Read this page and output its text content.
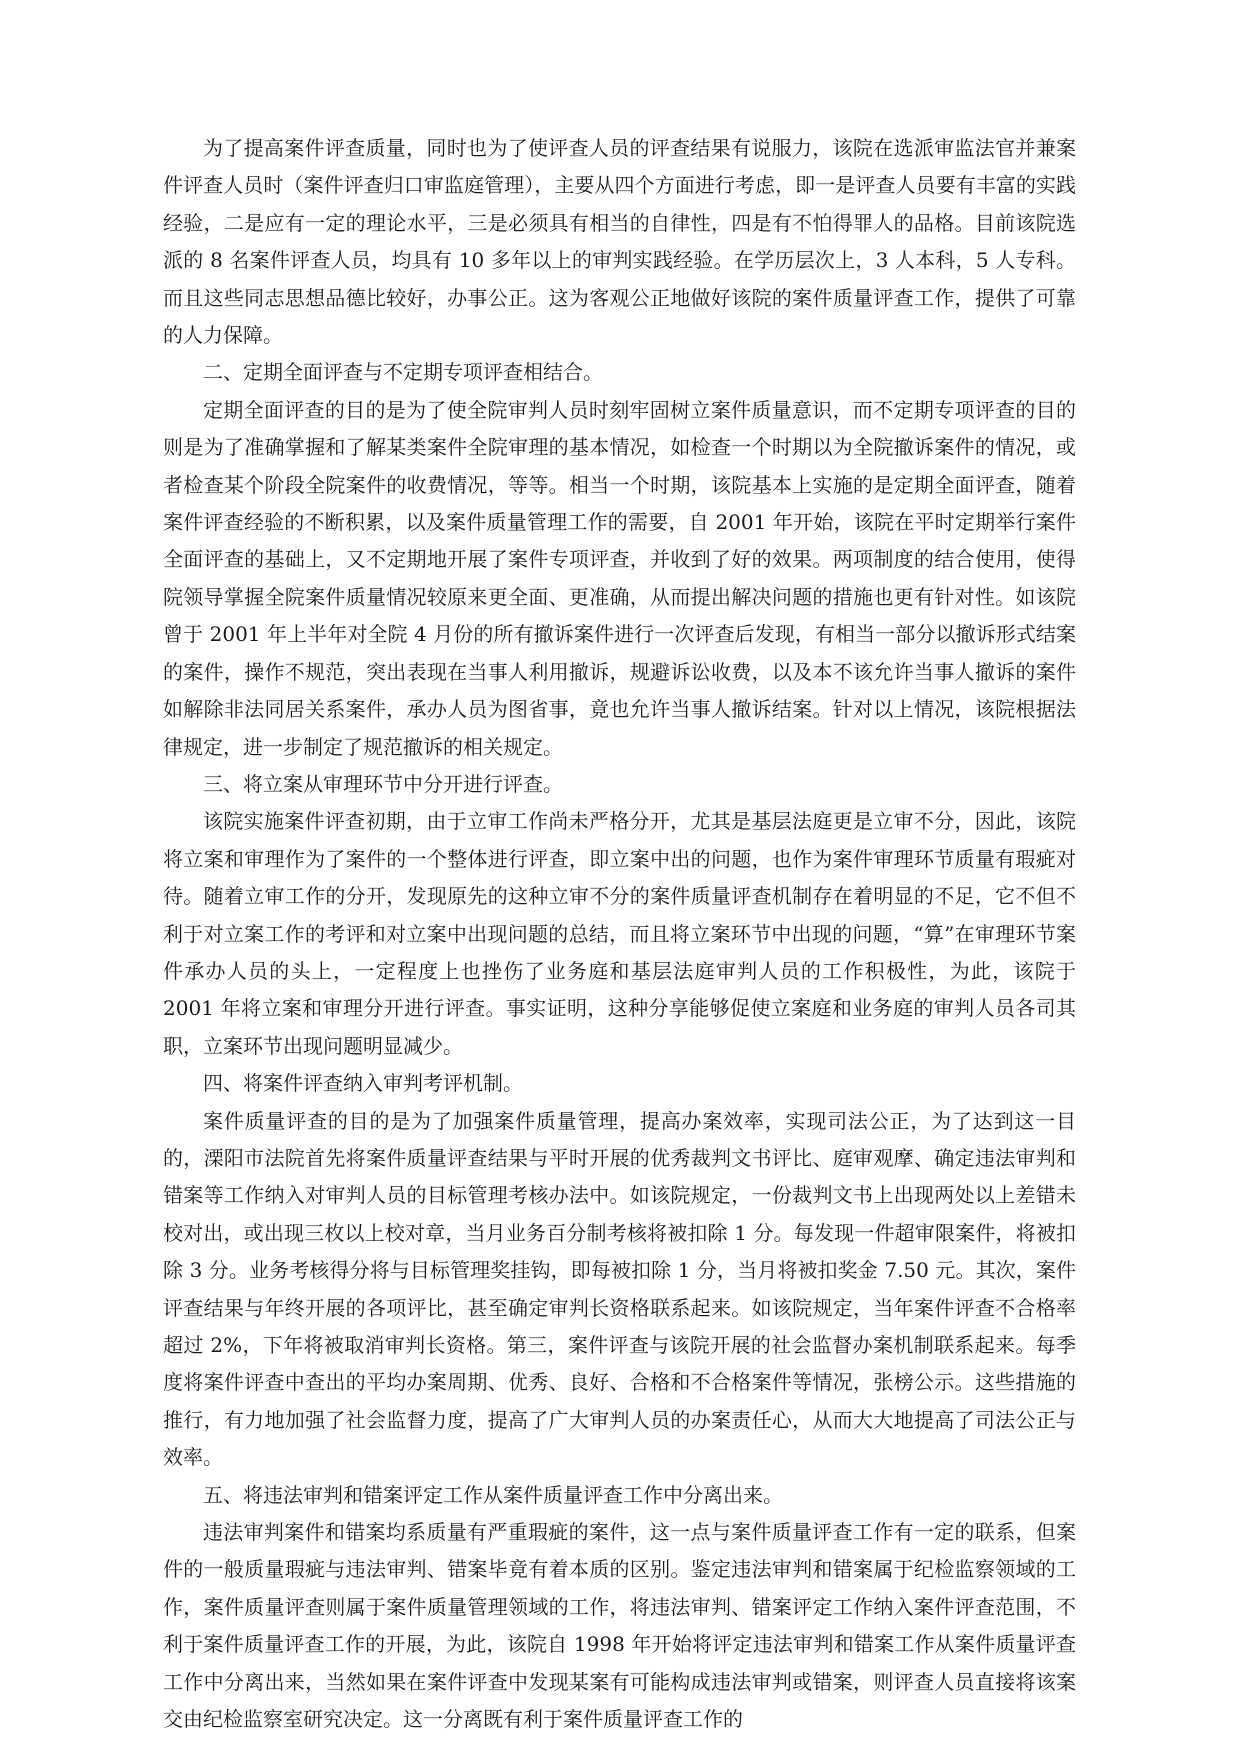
为了提高案件评查质量，同时也为了使评查人员的评查结果有说服力，该院在选派审监法官并兼案件评查人员时（案件评查归口审监庭管理），主要从四个方面进行考虑，即一是评查人员要有丰富的实践经验，二是应有一定的理论水平，三是必须具有相当的自律性，四是有不怕得罪人的品格。目前该院选派的 8 名案件评查人员，均具有 10 多年以上的审判实践经验。在学历层次上，3 人本科，5 人专科。而且这些同志思想品德比较好，办事公正。这为客观公正地做好该院的案件质量评查工作，提供了可靠的人力保障。

二、定期全面评查与不定期专项评查相结合。

定期全面评查的目的是为了使全院审判人员时刻牢固树立案件质量意识，而不定期专项评查的目的则是为了准确掌握和了解某类案件全院审理的基本情况，如检查一个时期以为全院撤诉案件的情况，或者检查某个阶段全院案件的收费情况，等等。相当一个时期，该院基本上实施的是定期全面评查，随着案件评查经验的不断积累，以及案件质量管理工作的需要，自 2001 年开始，该院在平时定期举行案件全面评查的基础上，又不定期地开展了案件专项评查，并收到了好的效果。两项制度的结合使用，使得院领导掌握全院案件质量情况较原来更全面、更准确，从而提出解决问题的措施也更有针对性。如该院曾于 2001 年上半年对全院 4 月份的所有撤诉案件进行一次评查后发现，有相当一部分以撤诉形式结案的案件，操作不规范，突出表现在当事人利用撤诉，规避诉讼收费，以及本不该允许当事人撤诉的案件如解除非法同居关系案件，承办人员为图省事，竟也允许当事人撤诉结案。针对以上情况，该院根据法律规定，进一步制定了规范撤诉的相关规定。

三、将立案从审理环节中分开进行评查。

该院实施案件评查初期，由于立审工作尚未严格分开，尤其是基层法庭更是立审不分，因此，该院将立案和审理作为了案件的一个整体进行评查，即立案中出的问题，也作为案件审理环节质量有瑕疵对待。随着立审工作的分开，发现原先的这种立审不分的案件质量评查机制存在着明显的不足，它不但不利于对立案工作的考评和对立案中出现问题的总结，而且将立案环节中出现的问题，“算”在审理环节案件承办人员的头上，一定程度上也挫伤了业务庭和基层法庭审判人员的工作积极性，为此，该院于 2001 年将立案和审理分开进行评查。事实证明，这种分享能够促使立案庭和业务庭的审判人员各司其职，立案环节出现问题明显减少。

四、将案件评查纳入审判考评机制。

案件质量评查的目的是为了加强案件质量管理，提高办案效率，实现司法公正，为了达到这一目的，溧阳市法院首先将案件质量评查结果与平时开展的优秀裁判文书评比、庭审观摩、确定违法审判和错案等工作纳入对审判人员的目标管理考核办法中。如该院规定，一份裁判文书上出现两处以上差错未校对出，或出现三枚以上校对章，当月业务百分制考核将被扣除 1 分。每发现一件超审限案件，将被扣除 3 分。业务考核得分将与目标管理奖挂钩，即每被扣除 1 分，当月将被扣奖金 7.50 元。其次，案件评查结果与年终开展的各项评比，甚至确定审判长资格联系起来。如该院规定，当年案件评查不合格率超过 2%，下年将被取消审判长资格。第三，案件评查与该院开展的社会监督办案机制联系起来。每季度将案件评查中查出的平均办案周期、优秀、良好、合格和不合格案件等情况，张榜公示。这些措施的推行，有力地加强了社会监督力度，提高了广大审判人员的办案责任心，从而大大地提高了司法公正与效率。

五、将违法审判和错案评定工作从案件质量评查工作中分离出来。

违法审判案件和错案均系质量有严重瑕疵的案件，这一点与案件质量评查工作有一定的联系，但案件的一般质量瑕疵与违法审判、错案毕竟有着本质的区别。鉴定违法审判和错案属于纪检监察领域的工作，案件质量评查则属于案件质量管理领域的工作，将违法审判、错案评定工作纳入案件评查范围，不利于案件质量评查工作的开展，为此，该院自 1998 年开始将评定违法审判和错案工作从案件质量评查工作中分离出来，当然如果在案件评查中发现某案有可能构成违法审判或错案，则评查人员直接将该案交由纪检监察室研究决定。这一分离既有利于案件质量评查工作的
